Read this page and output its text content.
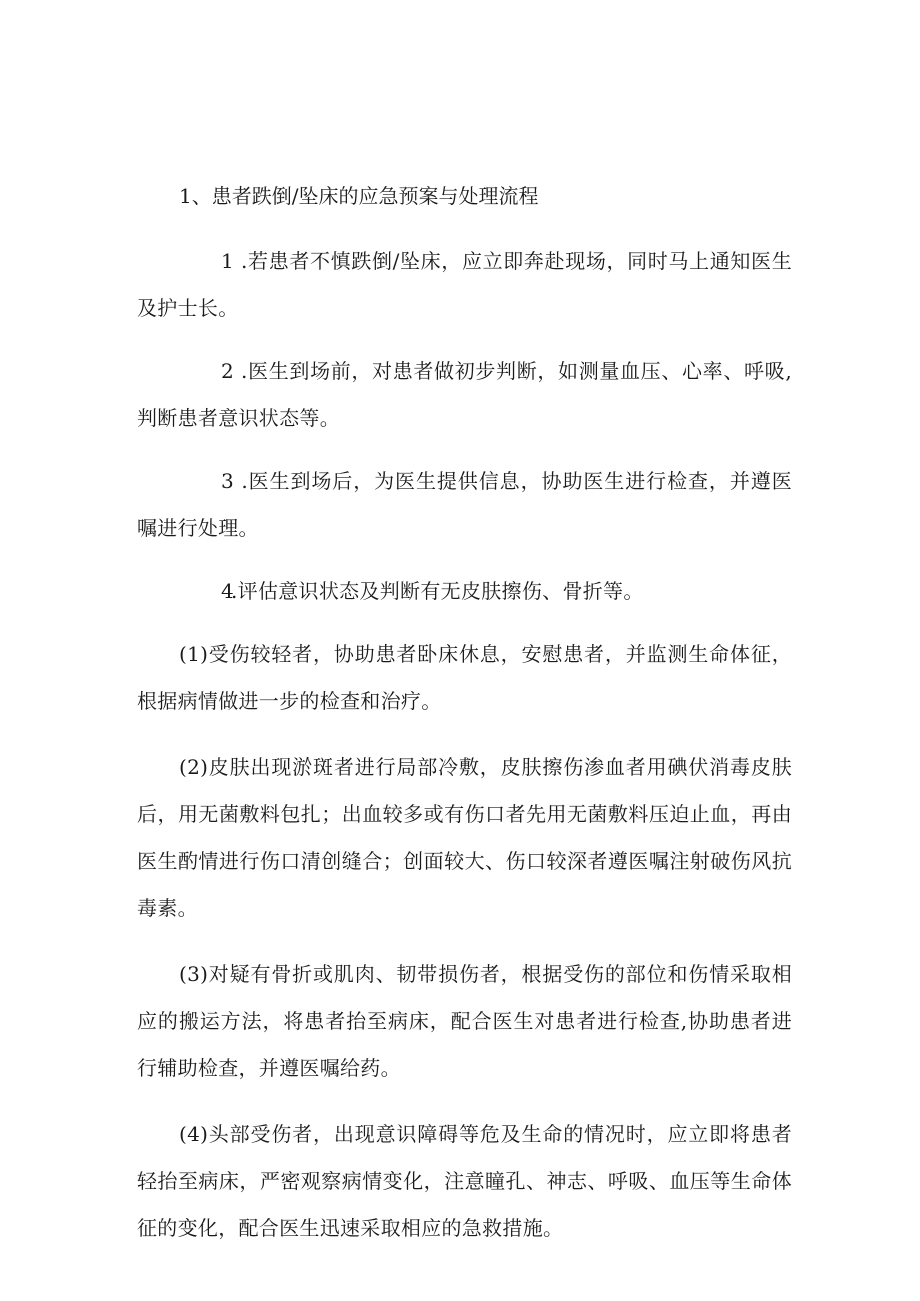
1、患者跌倒/坠床的应急预案与处理流程
1 .若患者不慎跌倒/坠床，应立即奔赴现场，同时马上通知医生及护士长。
2 .医生到场前，对患者做初步判断，如测量血压、心率、呼吸,判断患者意识状态等。
3 .医生到场后，为医生提供信息，协助医生进行检查，并遵医嘱进行处理。
4.评估意识状态及判断有无皮肤擦伤、骨折等。
(1)受伤较轻者，协助患者卧床休息，安慰患者，并监测生命体征，根据病情做进一步的检查和治疗。
(2)皮肤出现淤斑者进行局部冷敷，皮肤擦伤渗血者用碘伏消毒皮肤后，用无菌敷料包扎；出血较多或有伤口者先用无菌敷料压迫止血，再由医生酌情进行伤口清创缝合；创面较大、伤口较深者遵医嘱注射破伤风抗毒素。
(3)对疑有骨折或肌肉、韧带损伤者，根据受伤的部位和伤情采取相应的搬运方法，将患者抬至病床，配合医生对患者进行检查,协助患者进行辅助检查，并遵医嘱给药。
(4)头部受伤者，出现意识障碍等危及生命的情况时，应立即将患者轻抬至病床，严密观察病情变化，注意瞳孔、神志、呼吸、血压等生命体征的变化，配合医生迅速采取相应的急救措施。
